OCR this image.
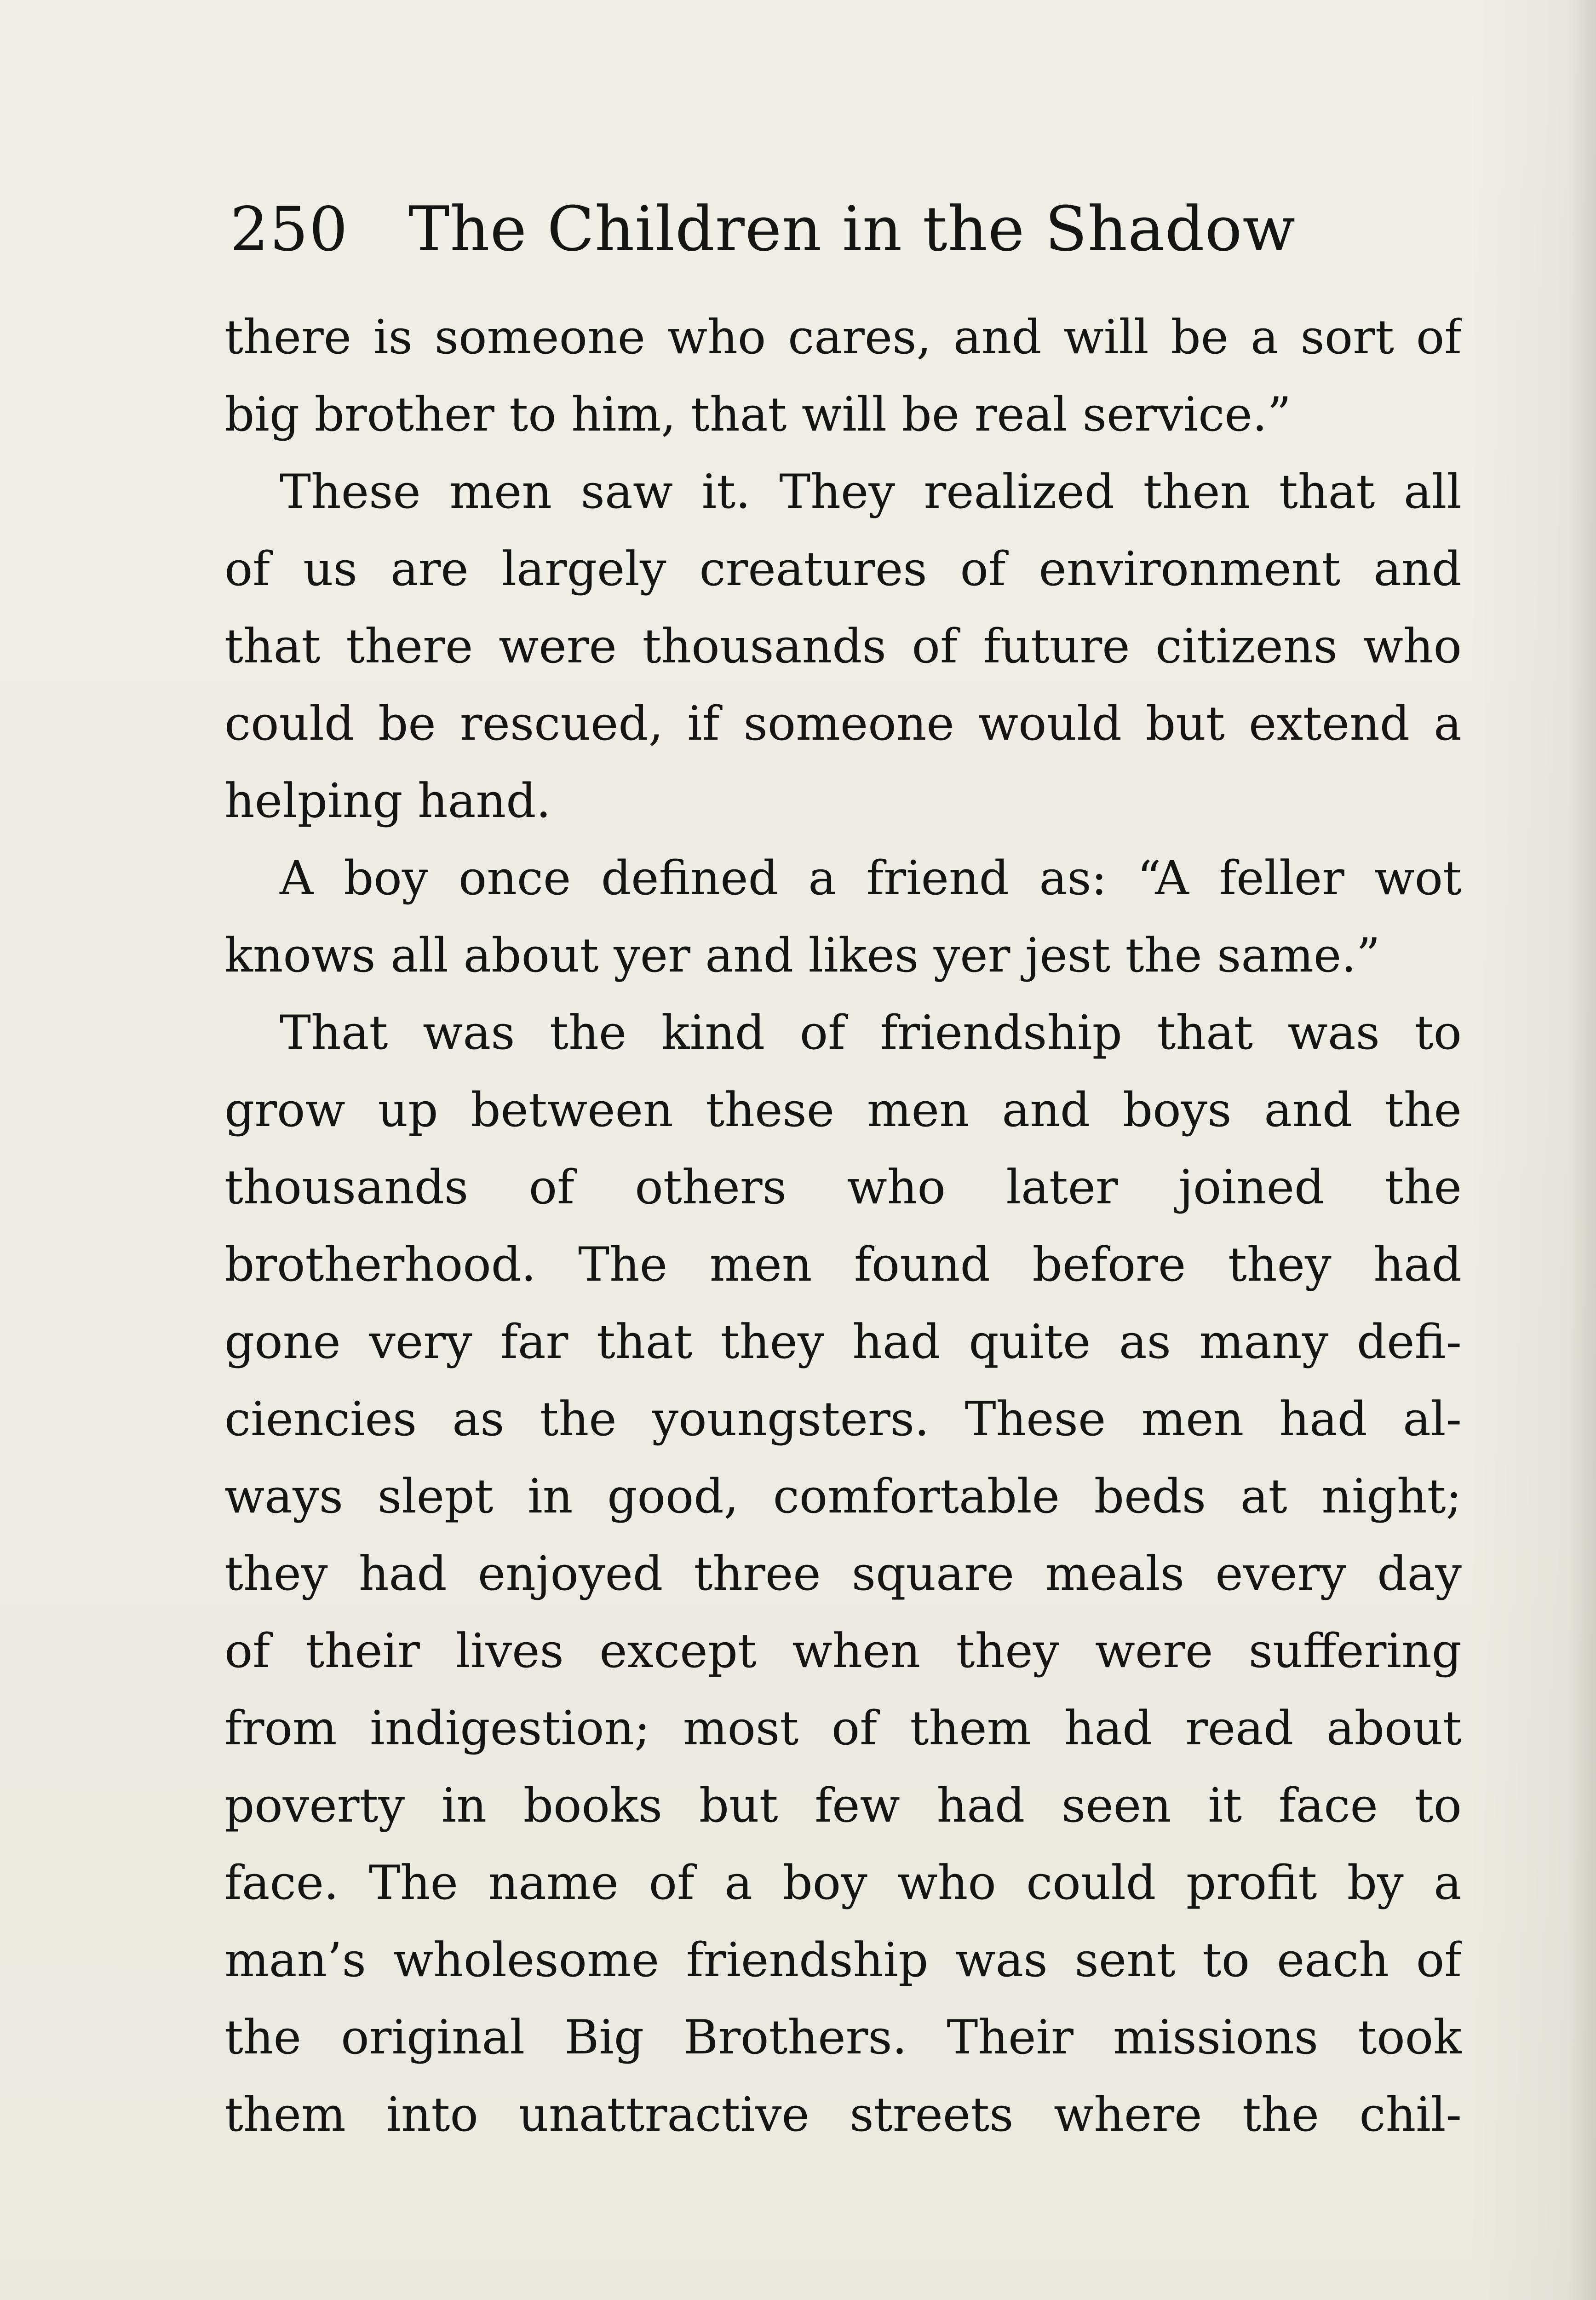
250 The Children in the Shadow
there is someone who cares, and will be a sort of
big brother to him, that will be real service.”
These men saw it. They realized then that all
of us are largely creatures of environment and
that there were thousands of future citizens who
could be rescued, if someone would but extend a
helping hand.
A boy once defined a friend as: “A feller wot
knows all about yer and likes yer jest the same.”
That was the kind of friendship that was to
grow up between these men and boys and the
thousands of others who later joined the
brotherhood. The men found before they had
gone very far that they had quite as many defi-
ciencies as the youngsters. These men had al-
ways slept in good, comfortable beds at night;
they had enjoyed three square meals every day
of their lives except when they were suffering
from indigestion; most of them had read about
poverty in books but few had seen it face to
face. The name of a boy who could profit by a
man’s wholesome friendship was sent to each of
the original Big Brothers. Their missions took
them into unattractive streets where the chil-
